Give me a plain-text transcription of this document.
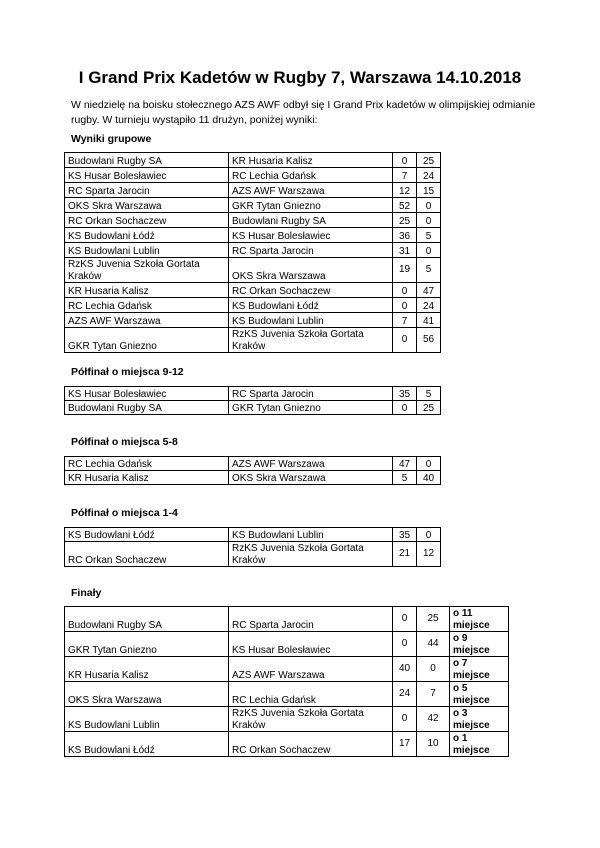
I Grand Prix Kadetów w Rugby 7, Warszawa 14.10.2018
W niedzielę na boisku stołecznego AZS AWF odbył się I Grand Prix kadetów w olimpijskiej odmianie rugby. W turnieju wystąpiło 11 drużyn, poniżej wyniki:
Wyniki grupowe
Budowlani Rugby SA	KR Husaria Kalisz	0	25
KS Husar Bolesławiec	RC Lechia Gdańsk	7	24
RC Sparta Jarocin	AZS AWF Warszawa	12	15
OKS Skra Warszawa	GKR Tytan Gniezno	52	0
RC Orkan Sochaczew	Budowlani Rugby SA	25	0
KS Budowlani Łódź	KS Husar Bolesławiec	36	5
KS Budowlani Lublin	RC Sparta Jarocin	31	0
RzKS Juvenia Szkoła Gortata Kraków	OKS Skra Warszawa	19	5
KR Husaria Kalisz	RC Orkan Sochaczew	0	47
RC Lechia Gdańsk	KS Budowlani Łódź	0	24
AZS AWF Warszawa	KS Budowlani Lublin	7	41
GKR Tytan Gniezno	RzKS Juvenia Szkoła Gortata Kraków	0	56
Półfinał o miejsca 9-12
KS Husar Bolesławiec	RC Sparta Jarocin	35	5
Budowlani Rugby SA	GKR Tytan Gniezno	0	25
Półfinał o miejsca 5-8
RC Lechia Gdańsk	AZS AWF Warszawa	47	0
KR Husaria Kalisz	OKS Skra Warszawa	5	40
Półfinał o miejsca 1-4
KS Budowlani Łódź	KS Budowlani Lublin	35	0
RC Orkan Sochaczew	RzKS Juvenia Szkoła Gortata Kraków	21	12
Finały
Budowlani Rugby SA	RC Sparta Jarocin	0	25	o 11 miejsce
GKR Tytan Gniezno	KS Husar Bolesławiec	0	44	o 9 miejsce
KR Husaria Kalisz	AZS AWF Warszawa	40	0	o 7 miejsce
OKS Skra Warszawa	RC Lechia Gdańsk	24	7	o 5 miejsce
KS Budowlani Lublin	RzKS Juvenia Szkoła Gortata Kraków	0	42	o 3 miejsce
KS Budowlani Łódź	RC Orkan Sochaczew	17	10	o 1 miejsce
